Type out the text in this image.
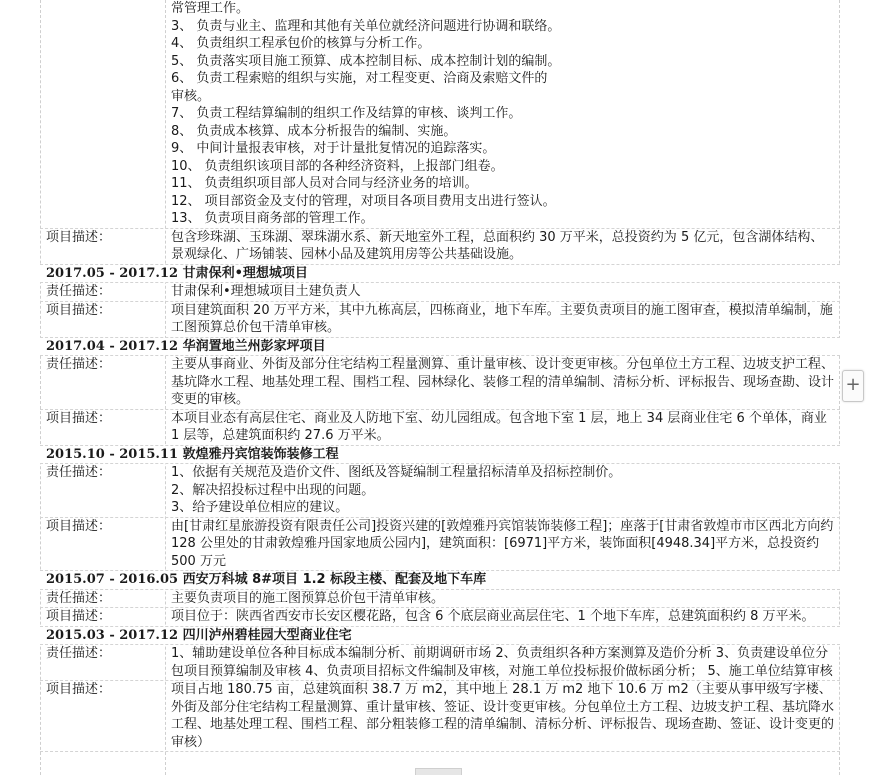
常管理工作。
3、 负责与业主、监理和其他有关单位就经济问题进行协调和联络。
4、 负责组织工程承包价的核算与分析工作。
5、 负责落实项目施工预算、成本控制目标、成本控制计划的编制。
6、 负责工程索赔的组织与实施，对工程变更、洽商及索赔文件的
审核。
7、 负责工程结算编制的组织工作及结算的审核、谈判工作。
8、 负责成本核算、成本分析报告的编制、实施。
9、 中间计量报表审核，对于计量批复情况的追踪落实。
10、 负责组织该项目部的各种经济资料，上报部门组卷。
11、 负责组织项目部人员对合同与经济业务的培训。
12、 项目部资金及支付的管理，对项目各项目费用支出进行签认。
13、 负责项目商务部的管理工作。
项目描述：	包含珍珠湖、玉珠湖、翠珠湖水系、新天地室外工程，总面积约 30 万平米，总投资约为 5 亿元，包含湖体结构、景观绿化、广场铺装、园林小品及建筑用房等公共基础设施。
2017.05 - 2017.12 甘肃保利•理想城项目
责任描述：	甘肃保利•理想城项目土建负责人
项目描述：	项目建筑面积 20 万平方米，其中九栋高层，四栋商业，地下车库。主要负责项目的施工图审查，模拟清单编制，施工图预算总价包干清单审核。
2017.04 - 2017.12 华润置地兰州彭家坪项目
责任描述：	主要从事商业、外街及部分住宅结构工程量测算、重计量审核、设计变更审核。分包单位土方工程、边坡支护工程、基坑降水工程、地基处理工程、围档工程、园林绿化、装修工程的清单编制、清标分析、评标报告、现场查勘、设计变更的审核。
项目描述：	本项目业态有高层住宅、商业及人防地下室、幼儿园组成。包含地下室 1 层，地上 34 层商业住宅 6 个单体，商业 1 层等，总建筑面积约 27.6 万平米。
2015.10 - 2015.11 敦煌雅丹宾馆装饰装修工程
责任描述：	1、依据有关规范及造价文件、图纸及答疑编制工程量招标清单及招标控制价。
2、解决招投标过程中出现的问题。
3、给予建设单位相应的建议。
项目描述：	由[甘肃红星旅游投资有限责任公司]投资兴建的[敦煌雅丹宾馆装饰装修工程]；座落于[甘肃省敦煌市市区西北方向约 128 公里处的甘肃敦煌雅丹国家地质公园内]，建筑面积：[6971]平方米，装饰面积[4948.34]平方米，总投资约 500 万元
2015.07 - 2016.05 西安万科城 8#项目 1.2 标段主楼、配套及地下车库
责任描述：	主要负责项目的施工图预算总价包干清单审核。
项目描述：	项目位于：陕西省西安市长安区樱花路，包含 6 个底层商业高层住宅、1 个地下车库，总建筑面积约 8 万平米。
2015.03 - 2017.12 四川泸州碧桂园大型商业住宅
责任描述：	1、辅助建设单位各种目标成本编制分析、前期调研市场 2、负责组织各种方案测算及造价分析 3、负责建设单位分包项目预算编制及审核 4、负责项目招标文件编制及审核，对施工单位投标报价做标函分析； 5、施工单位结算审核
项目描述：	项目占地 180.75 亩，总建筑面积 38.7 万 m2，其中地上 28.1 万 m2 地下 10.6 万 m2（主要从事甲级写字楼、外街及部分住宅结构工程量测算、重计量审核、签证、设计变更审核。分包单位土方工程、边坡支护工程、基坑降水工程、地基处理工程、围档工程、部分粗装修工程的清单编制、清标分析、评标报告、现场查勘、签证、设计变更的审核）
+
